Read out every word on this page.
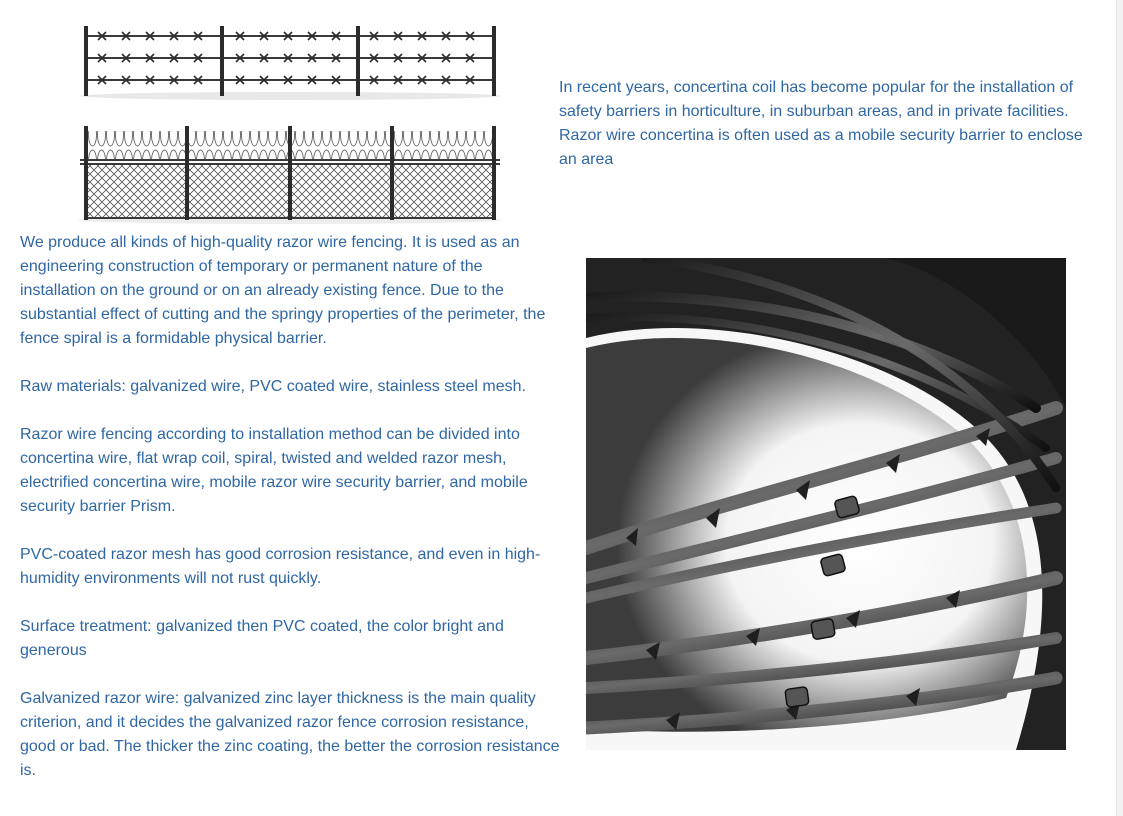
In recent years, concertina coil has become popular for the installation of safety barriers in horticulture, in suburban areas, and in private facilities. Razor wire concertina is often used as a mobile security barrier to enclose an area

We produce all kinds of high-quality razor wire fencing. It is used as an engineering construction of temporary or permanent nature of the installation on the ground or on an already existing fence. Due to the substantial effect of cutting and the springy properties of the perimeter, the fence spiral is a formidable physical barrier.

Raw materials: galvanized wire, PVC coated wire, stainless steel mesh.

Razor wire fencing according to installation method can be divided into concertina wire, flat wrap coil, spiral, twisted and welded razor mesh, electrified concertina wire, mobile razor wire security barrier, and mobile security barrier Prism.

PVC-coated razor mesh has good corrosion resistance, and even in high-humidity environments will not rust quickly.

Surface treatment: galvanized then PVC coated, the color bright and generous

Galvanized razor wire: galvanized zinc layer thickness is the main quality criterion, and it decides the galvanized razor fence corrosion resistance, good or bad. The thicker the zinc coating, the better the corrosion resistance is.
